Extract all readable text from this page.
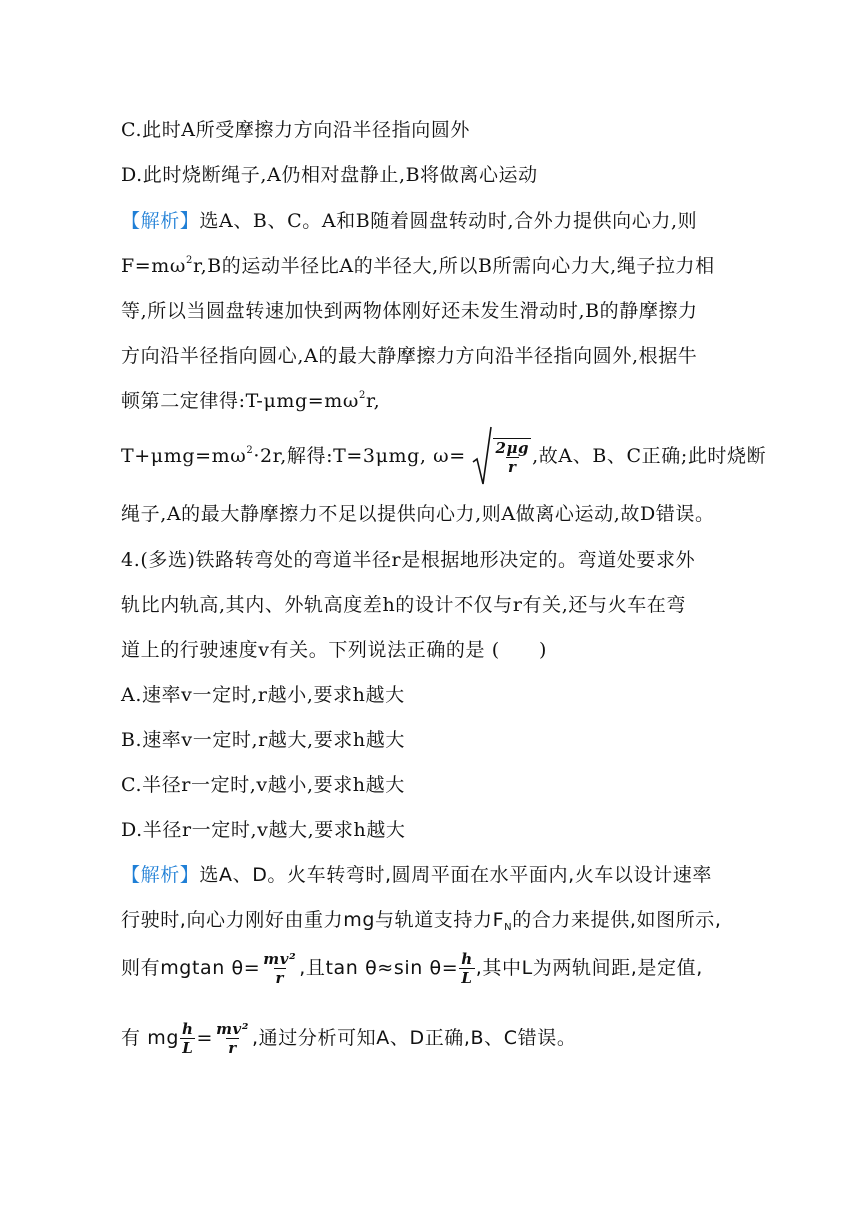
C.此时A所受摩擦力方向沿半径指向圆外
D.此时烧断绳子,A仍相对盘静止,B将做离心运动
【解析】选A、B、C。A和B随着圆盘转动时,合外力提供向心力,则
$F=m\omega^2r,B$的运动半径比A的半径大,所以B所需向心力大,绳子拉力相
等,所以当圆盘转速加快到两物体刚好还未发生滑动时,B的静摩擦力
方向沿半径指向圆心,A的最大静摩擦力方向沿半径指向圆外,根据牛
顿第二定律得$:T-\mu mg=m\omega^2r$,
$T+\mu mg=m\omega^2\cdot 2r$,解得:T=3μmg, $\omega= \frac{2\mu g}{r}$ ,故A、B、C正确;此时烧断
绳子,A的最大静摩擦力不足以提供向心力,则A做离心运动,故D错误。
4.(多选)铁路转弯处的弯道半径r是根据地形决定的。弯道处要求外
轨比内轨高,其内、外轨高度差h的设计不仅与r有关,还与火车在弯
道上的行驶速度v有关。下列说法正确的是 (　　)
A.速率v一定时,r越小,要求h越大
B.速率v一定时,r越大,要求h越大
C.半径r一定时,v越小,要求h越大
D.半径r一定时,v越大,要求h越大
【解析】选A、D。火车转弯时,圆周平面在水平面内,火车以设计速率
行驶时,向心力刚好由重力mg与轨道支持力$F_N$的合力来提供,如图所示,
则有mgtan $\theta= \frac{\text{mv²}}{r}$ ,且tan θ≈sin $\theta= \frac{h}{L}$ ,其中L为两轨间距,是定值,
有 mg $\frac{h}{L} = \frac{\text{mv²}}{r}$ ,通过分析可知A、D正确,B、C错误。
